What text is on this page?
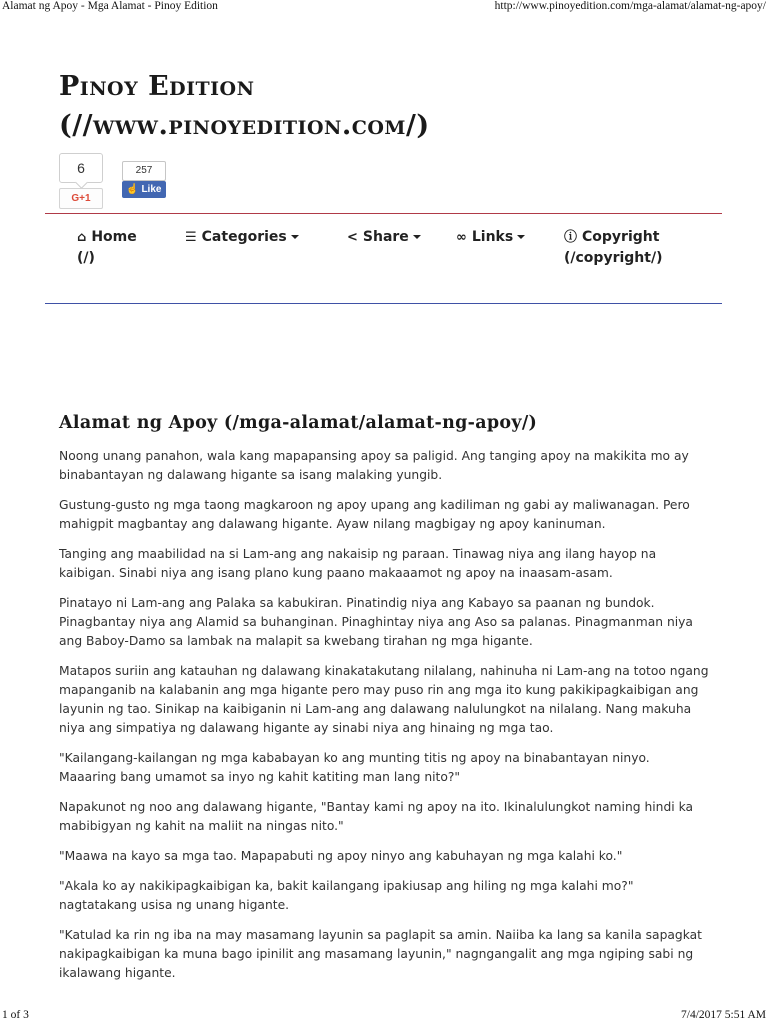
Alamat ng Apoy - Mga Alamat - Pinoy Edition	http://www.pinoyedition.com/mga-alamat/alamat-ng-apoy/
Pinoy Edition
(//www.pinoyedition.com/)
6
G+1
257
☝ Like
⌂ Home
(/)
☰ Categories	< Share	∞ Links	ⓘ Copyright
(/copyright/)
Alamat ng Apoy (/mga-alamat/alamat-ng-apoy/)

Noong unang panahon, wala kang mapapansing apoy sa paligid. Ang tanging apoy na makikita mo ay binabantayan ng dalawang higante sa isang malaking yungib.

Gustung-gusto ng mga taong magkaroon ng apoy upang ang kadiliman ng gabi ay maliwanagan. Pero mahigpit magbantay ang dalawang higante. Ayaw nilang magbigay ng apoy kaninuman.

Tanging ang maabilidad na si Lam-ang ang nakaisip ng paraan. Tinawag niya ang ilang hayop na kaibigan. Sinabi niya ang isang plano kung paano makaaamot ng apoy na inaasam-asam.

Pinatayo ni Lam-ang ang Palaka sa kabukiran. Pinatindig niya ang Kabayo sa paanan ng bundok. Pinagbantay niya ang Alamid sa buhanginan. Pinaghintay niya ang Aso sa palanas. Pinagmanman niya ang Baboy-Damo sa lambak na malapit sa kwebang tirahan ng mga higante.

Matapos suriin ang katauhan ng dalawang kinakatakutang nilalang, nahinuha ni Lam-ang na totoo ngang mapanganib na kalabanin ang mga higante pero may puso rin ang mga ito kung pakikipagkaibigan ang layunin ng tao. Sinikap na kaibiganin ni Lam-ang ang dalawang nalulungkot na nilalang. Nang makuha niya ang simpatiya ng dalawang higante ay sinabi niya ang hinaing ng mga tao.

"Kailangang-kailangan ng mga kababayan ko ang munting titis ng apoy na binabantayan ninyo. Maaaring bang umamot sa inyo ng kahit katiting man lang nito?"

Napakunot ng noo ang dalawang higante, "Bantay kami ng apoy na ito. Ikinalulungkot naming hindi ka mabibigyan ng kahit na maliit na ningas nito."

"Maawa na kayo sa mga tao. Mapapabuti ng apoy ninyo ang kabuhayan ng mga kalahi ko."

"Akala ko ay nakikipagkaibigan ka, bakit kailangang ipakiusap ang hiling ng mga kalahi mo?" nagtatakang usisa ng unang higante.

"Katulad ka rin ng iba na may masamang layunin sa paglapit sa amin. Naiiba ka lang sa kanila sapagkat nakipagkaibigan ka muna bago ipinilit ang masamang layunin," nagngangalit ang mga ngiping sabi ng ikalawang higante.

1 of 3	7/4/2017 5:51 AM
